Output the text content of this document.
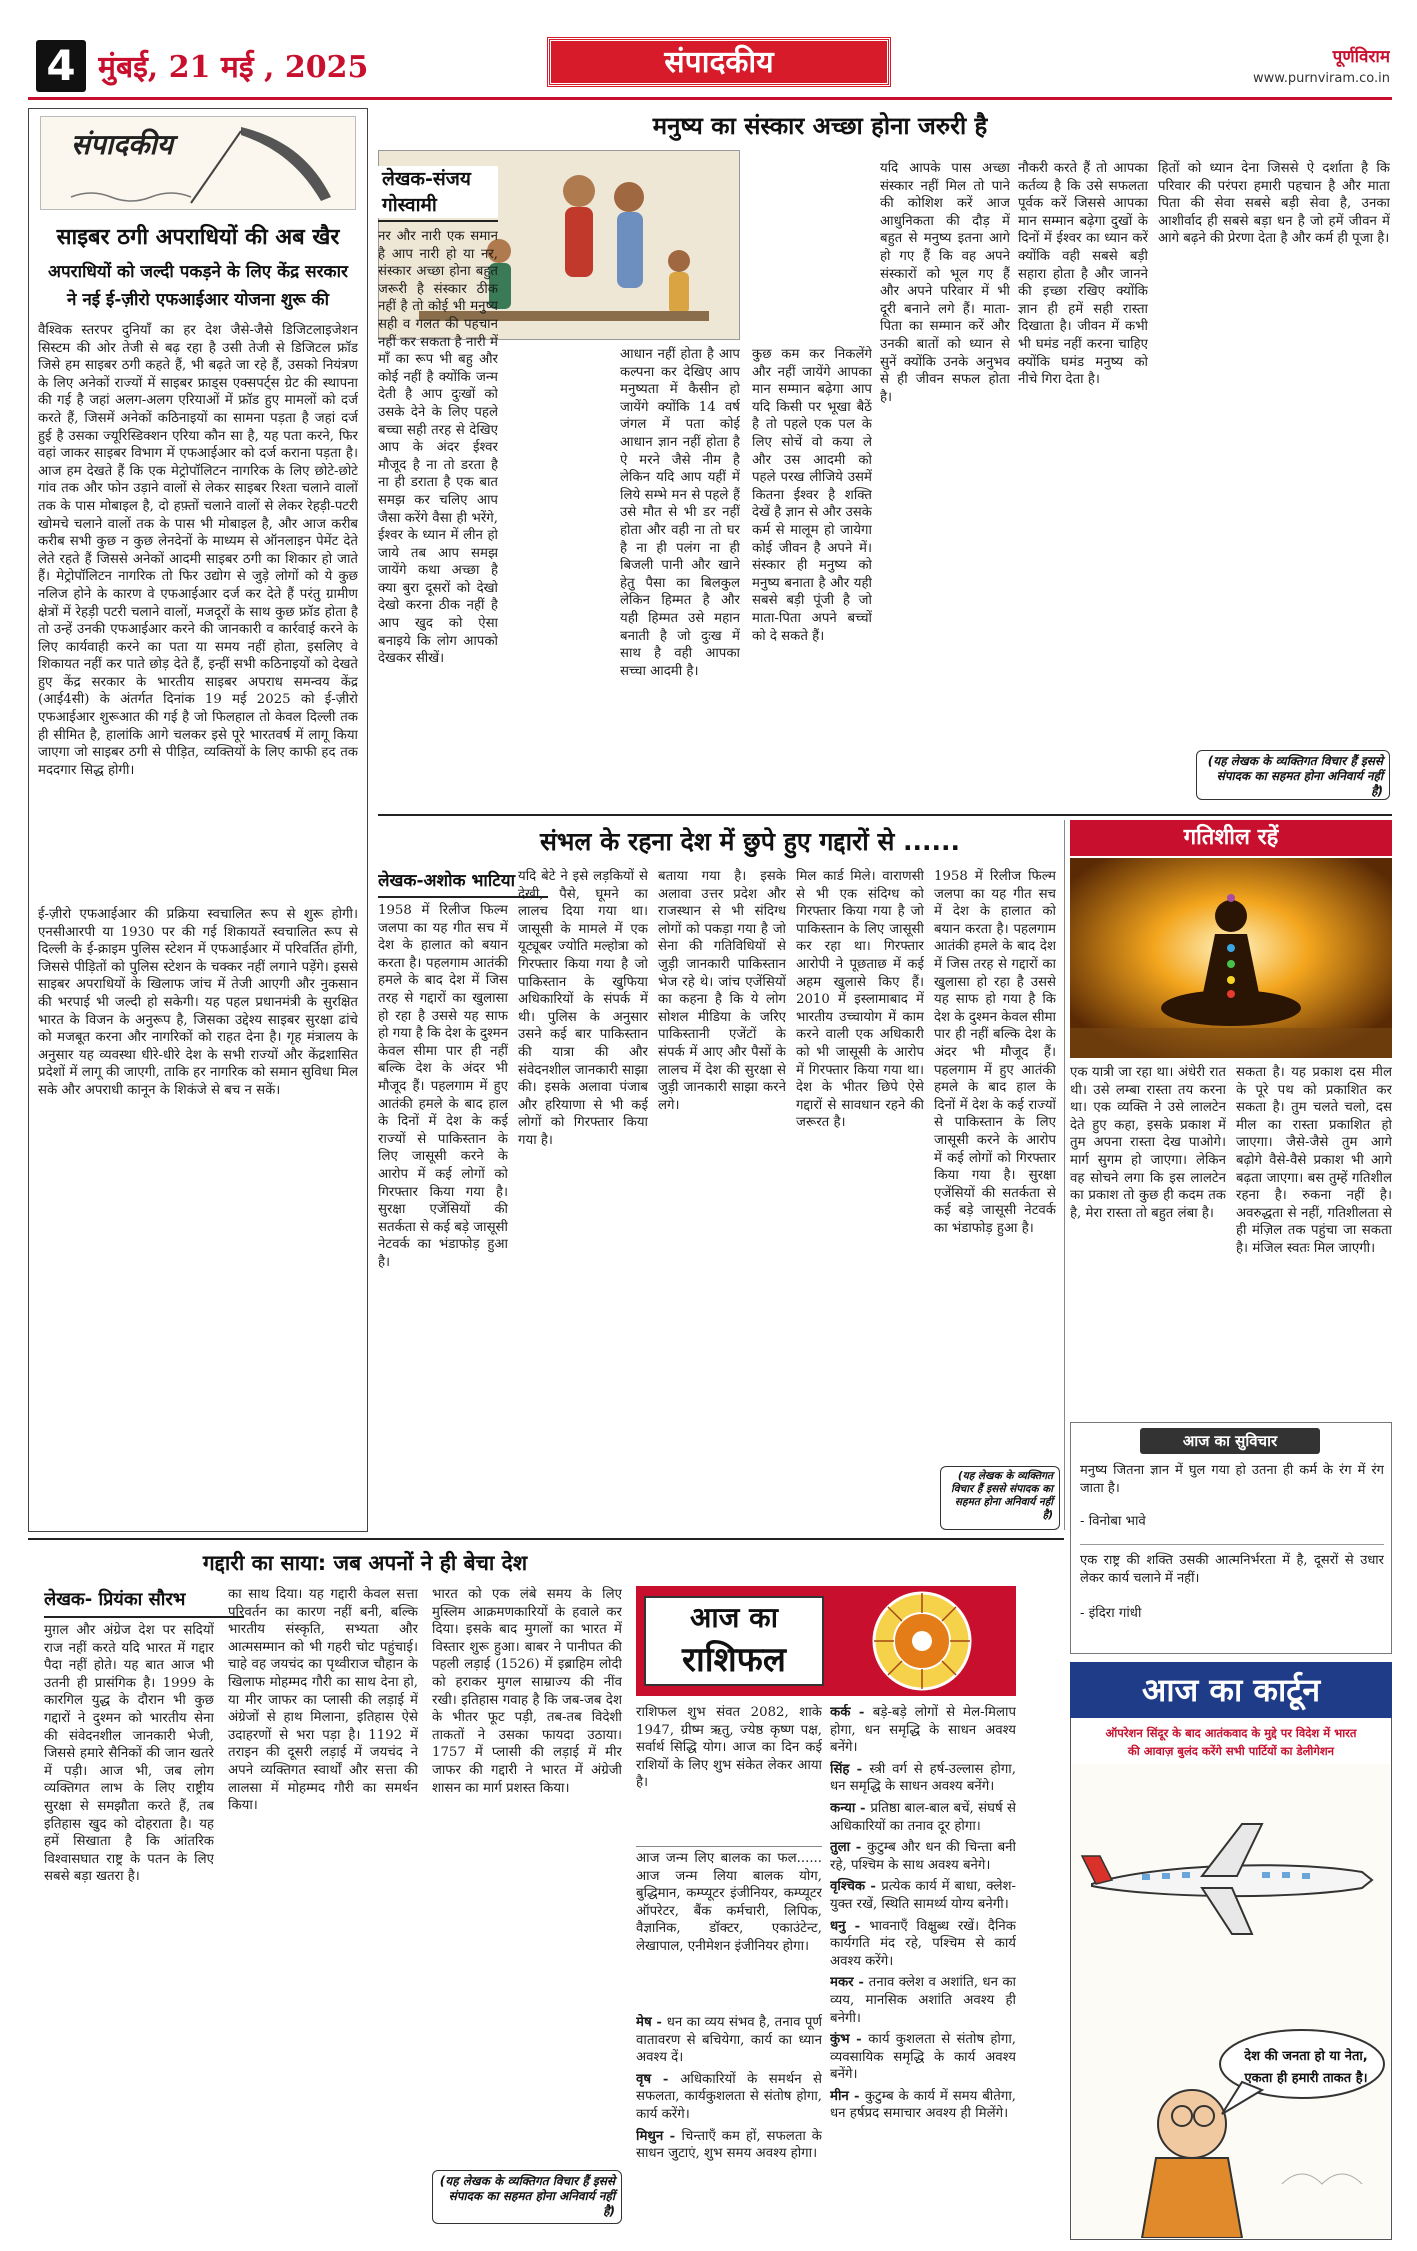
4 मुंबई, 21 मई , 2025	संपादकीय	पूर्णविराम
www.purnviram.co.in
संपादकीय
साइबर ठगी अपराधियों की अब खैर
अपराधियों को जल्दी पकड़ने के लिए केंद्र सरकार
ने नई ई-ज़ीरो एफआईआर योजना शुरू की
वैश्विक स्तरपर दुनियाँ का हर देश जैसे-जैसे डिजिटलाइजेशन सिस्टम की ओर तेजी से बढ़ रहा है उसी तेजी से डिजिटल फ्रॉड जिसे हम साइबर ठगी कहते हैं, भी बढ़ते जा रहे हैं, उसको नियंत्रण के लिए अनेकों राज्यों में साइबर फ्राड्स एक्सपर्ट्स ग्रेट की स्थापना की गई है जहां अलग-अलग एरियाओं में फ्रॉड हुए मामलों को दर्ज करते हैं, जिसमें अनेकों कठिनाइयों का सामना पड़ता है जहां दर्ज हुई है उसका ज्यूरिस्डिक्शन एरिया कौन सा है, यह पता करने, फिर वहां जाकर साइबर विभाग में एफआईआर को दर्ज कराना पड़ता है। आज हम देखते हैं कि एक मेट्रोपॉलिटन नागरिक के लिए छोटे-छोटे गांव तक और फोन उड़ाने वालों से लेकर साइबर रिश्ता चलाने वालों तक के पास मोबाइल है, दो हफ़्तों चलाने वालों से लेकर रेहड़ी-पटरी खोमचे चलाने वालों तक के पास भी मोबाइल है, और आज करीब करीब सभी कुछ न कुछ लेनदेनों के माध्यम से ऑनलाइन पेमेंट देते लेते रहते हैं जिससे अनेकों आदमी साइबर ठगी का शिकार हो जाते हैं। मेट्रोपॉलिटन नागरिक तो फिर उद्योग से जुड़े लोगों को ये कुछ नलिज होने के कारण वे एफआईआर दर्ज कर देते हैं परंतु ग्रामीण क्षेत्रों में रेहड़ी पटरी चलाने वालों, मजदूरों के साथ कुछ फ्रॉड होता है तो उन्हें उनकी एफआईआर करने की जानकारी व कार्रवाई करने के लिए कार्यवाही करने का पता या समय नहीं होता, इसलिए वे शिकायत नहीं कर पाते छोड़ देते हैं, इन्हीं सभी कठिनाइयों को देखते हुए केंद्र सरकार के भारतीय साइबर अपराध समन्वय केंद्र (आई4सी) के अंतर्गत दिनांक 19 मई 2025 को ई-ज़ीरो एफआईआर शुरूआत की गई है जो फिलहाल तो केवल दिल्ली तक ही सीमित है, हालांकि आगे चलकर इसे पूरे भारतवर्ष में लागू किया जाएगा जो साइबर ठगी से पीड़ित, व्यक्तियों के लिए काफी हद तक मददगार सिद्ध होगी।
ई-ज़ीरो एफआईआर की प्रक्रिया स्वचालित रूप से शुरू होगी। एनसीआरपी या 1930 पर की गई शिकायतें स्वचालित रूप से दिल्ली के ई-क्राइम पुलिस स्टेशन में एफआईआर में परिवर्तित होंगी, जिससे पीड़ितों को पुलिस स्टेशन के चक्कर नहीं लगाने पड़ेंगे। इससे साइबर अपराधियों के खिलाफ जांच में तेजी आएगी और नुकसान की भरपाई भी जल्दी हो सकेगी। यह पहल प्रधानमंत्री के सुरक्षित भारत के विजन के अनुरूप है, जिसका उद्देश्य साइबर सुरक्षा ढांचे को मजबूत करना और नागरिकों को राहत देना है। गृह मंत्रालय के अनुसार यह व्यवस्था धीरे-धीरे देश के सभी राज्यों और केंद्रशासित प्रदेशों में लागू की जाएगी, ताकि हर नागरिक को समान सुविधा मिल सके और अपराधी कानून के शिकंजे से बच न सकें।
मनुष्य का संस्कार अच्छा होना जरुरी है
लेखक-संजय
गोस्वामी
नर और नारी एक समान है आप नारी हो या नर, संस्कार अच्छा होना बहुत जरूरी है संस्कार ठीक नहीं है तो कोई भी मनुष्य सही व गलत की पहचान नहीं कर सकता है नारी में माँ का रूप भी बहु और कोई नहीं है क्योंकि जन्म देती है आप दुःखों को उसके देने के लिए पहले बच्चा सही तरह से देखिए आप के अंदर ईश्वर मौजूद है ना तो डरता है ना ही डराता है एक बात समझ कर चलिए आप जैसा करेंगे वैसा ही भरेंगे, ईश्वर के ध्यान में लीन हो जाये तब आप समझ जायेंगे कथा अच्छा है क्या बुरा दूसरों को देखो देखो करना ठीक नहीं है आप खुद को ऐसा बनाइये कि लोग आपको देखकर सीखें।
आधान नहीं होता है आप कल्पना कर देखिए आप मनुष्यता में कैसीन हो जायेंगे क्योंकि 14 वर्ष जंगल में पता कोई आधान ज्ञान नहीं होता है ऐ मरने जैसे नीम है लेकिन यदि आप यहीं में लिये सम्भे मन से पहले हैं उसे मौत से भी डर नहीं होता और वही ना तो घर है ना ही पलंग ना ही बिजली पानी और खाने हेतु पैसा का बिलकुल लेकिन हिम्मत है और यही हिम्मत उसे महान बनाती है जो दुःख में साथ है वही आपका सच्चा आदमी है।
कुछ कम कर निकलेंगे और नहीं जायेंगे आपका मान सम्मान बढ़ेगा आप यदि किसी पर भूखा बैठें है तो पहले एक पल के लिए सोचें वो कया ले और उस आदमी को पहले परख लीजिये उसमें कितना ईश्वर है शक्ति देखें है ज्ञान से और उसके कर्म से मालूम हो जायेगा कोई जीवन है अपने में। संस्कार ही मनुष्य को मनुष्य बनाता है और यही सबसे बड़ी पूंजी है जो माता-पिता अपने बच्चों को दे सकते हैं।
यदि आपके पास अच्छा संस्कार नहीं मिल तो पाने की कोशिश करें आज आधुनिकता की दौड़ में बहुत से मनुष्य इतना आगे हो गए हैं कि वह अपने संस्कारों को भूल गए हैं और अपने परिवार में भी दूरी बनाने लगे हैं। माता-पिता का सम्मान करें और उनकी बातों को ध्यान से सुनें क्योंकि उनके अनुभव से ही जीवन सफल होता है।
नौकरी करते हैं तो आपका कर्तव्य है कि उसे सफलता पूर्वक करें जिससे आपका मान सम्मान बढ़ेगा दुखों के दिनों में ईश्वर का ध्यान करें क्योंकि वही सबसे बड़ी सहारा होता है और जानने की इच्छा रखिए क्योंकि ज्ञान ही हमें सही रास्ता दिखाता है। जीवन में कभी भी घमंड नहीं करना चाहिए क्योंकि घमंड मनुष्य को नीचे गिरा देता है।
हितों को ध्यान देना जिससे ऐ दर्शाता है कि परिवार की परंपरा हमारी पहचान है और माता पिता की सेवा सबसे बड़ी सेवा है, उनका आशीर्वाद ही सबसे बड़ा धन है जो हमें जीवन में आगे बढ़ने की प्रेरणा देता है और कर्म ही पूजा है।
(यह लेखक के व्यक्तिगत विचार हैं इससे संपादक का सहमत होना अनिवार्य नहीं है)
संभल के रहना देश में छुपे हुए गद्दारों से ......
लेखक-अशोक भाटिया
1958 में रिलीज फिल्म जलपा का यह गीत सच में देश के हालात को बयान करता है। पहलगाम आतंकी हमले के बाद देश में जिस तरह से गद्दारों का खुलासा हो रहा है उससे यह साफ हो गया है कि देश के दुश्मन केवल सीमा पार ही नहीं बल्कि देश के अंदर भी मौजूद हैं। पहलगाम में हुए आतंकी हमले के बाद हाल के दिनों में देश के कई राज्यों से पाकिस्तान के लिए जासूसी करने के आरोप में कई लोगों को गिरफ्तार किया गया है। सुरक्षा एजेंसियों की सतर्कता से कई बड़े जासूसी नेटवर्क का भंडाफोड़ हुआ है।
यदि बेटे ने इसे लड़कियों से देखी, पैसे, घूमने का लालच दिया गया था। जासूसी के मामले में एक यूट्यूबर ज्योति मल्होत्रा को गिरफ्तार किया गया है जो पाकिस्तान के खुफिया अधिकारियों के संपर्क में थी। पुलिस के अनुसार उसने कई बार पाकिस्तान की यात्रा की और संवेदनशील जानकारी साझा की। इसके अलावा पंजाब और हरियाणा से भी कई लोगों को गिरफ्तार किया गया है।
बताया गया है। इसके अलावा उत्तर प्रदेश और राजस्थान से भी संदिग्ध लोगों को पकड़ा गया है जो सेना की गतिविधियों से जुड़ी जानकारी पाकिस्तान भेज रहे थे। जांच एजेंसियों का कहना है कि ये लोग सोशल मीडिया के जरिए पाकिस्तानी एजेंटों के संपर्क में आए और पैसों के लालच में देश की सुरक्षा से जुड़ी जानकारी साझा करने लगे।
मिल कार्ड मिले। वाराणसी से भी एक संदिग्ध को गिरफ्तार किया गया है जो पाकिस्तान के लिए जासूसी कर रहा था। गिरफ्तार आरोपी ने पूछताछ में कई अहम खुलासे किए हैं। 2010 में इस्लामाबाद में भारतीय उच्चायोग में काम करने वाली एक अधिकारी को भी जासूसी के आरोप में गिरफ्तार किया गया था। देश के भीतर छिपे ऐसे गद्दारों से सावधान रहने की जरूरत है।
1958 में रिलीज फिल्म जलपा का यह गीत सच में देश के हालात को बयान करता है। पहलगाम आतंकी हमले के बाद देश में जिस तरह से गद्दारों का खुलासा हो रहा है उससे यह साफ हो गया है कि देश के दुश्मन केवल सीमा पार ही नहीं बल्कि देश के अंदर भी मौजूद हैं। पहलगाम में हुए आतंकी हमले के बाद हाल के दिनों में देश के कई राज्यों से पाकिस्तान के लिए जासूसी करने के आरोप में कई लोगों को गिरफ्तार किया गया है। सुरक्षा एजेंसियों की सतर्कता से कई बड़े जासूसी नेटवर्क का भंडाफोड़ हुआ है।
(यह लेखक के व्यक्तिगत विचार हैं इससे संपादक का सहमत होना अनिवार्य नहीं है)
गतिशील रहें
एक यात्री जा रहा था। अंधेरी रात थी। उसे लम्बा रास्ता तय करना था। एक व्यक्ति ने उसे लालटेन देते हुए कहा, इसके प्रकाश में तुम अपना रास्ता देख पाओगे। मार्ग सुगम हो जाएगा। लेकिन वह सोचने लगा कि इस लालटेन का प्रकाश तो कुछ ही कदम तक है, मेरा रास्ता तो बहुत लंबा है।
सकता है। यह प्रकाश दस मील के पूरे पथ को प्रकाशित कर सकता है। तुम चलते चलो, दस मील का रास्ता प्रकाशित हो जाएगा। जैसे-जैसे तुम आगे बढ़ोगे वैसे-वैसे प्रकाश भी आगे बढ़ता जाएगा। बस तुम्हें गतिशील रहना है। रुकना नहीं है। अवरुद्धता से नहीं, गतिशीलता से ही मंज़िल तक पहुंचा जा सकता है। मंजिल स्वतः मिल जाएगी।
आज का सुविचार
मनुष्य जितना ज्ञान में घुल गया हो उतना ही कर्म के रंग में रंग जाता है।
- विनोबा भावे
एक राष्ट्र की शक्ति उसकी आत्मनिर्भरता में है, दूसरों से उधार लेकर कार्य चलाने में नहीं।
- इंदिरा गांधी
गद्दारी का साया: जब अपनों ने ही बेचा देश
लेखक- प्रियंका सौरभ
मुग़ल और अंग्रेज देश पर सदियों राज नहीं करते यदि भारत में गद्दार पैदा नहीं होते। यह बात आज भी उतनी ही प्रासंगिक है। 1999 के कारगिल युद्ध के दौरान भी कुछ गद्दारों ने दुश्मन को भारतीय सेना की संवेदनशील जानकारी भेजी, जिससे हमारे सैनिकों की जान खतरे में पड़ी। आज भी, जब लोग व्यक्तिगत लाभ के लिए राष्ट्रीय सुरक्षा से समझौता करते हैं, तब इतिहास खुद को दोहराता है। यह हमें सिखाता है कि आंतरिक विश्वासघात राष्ट्र के पतन के लिए सबसे बड़ा खतरा है।
का साथ दिया। यह गद्दारी केवल सत्ता परिवर्तन का कारण नहीं बनी, बल्कि भारतीय संस्कृति, सभ्यता और आत्मसम्मान को भी गहरी चोट पहुंचाई। चाहे वह जयचंद का पृथ्वीराज चौहान के खिलाफ मोहम्मद गौरी का साथ देना हो, या मीर जाफर का प्लासी की लड़ाई में अंग्रेजों से हाथ मिलाना, इतिहास ऐसे उदाहरणों से भरा पड़ा है। 1192 में तराइन की दूसरी लड़ाई में जयचंद ने अपने व्यक्तिगत स्वार्थों और सत्ता की लालसा में मोहम्मद गौरी का समर्थन किया।
भारत को एक लंबे समय के लिए मुस्लिम आक्रमणकारियों के हवाले कर दिया। इसके बाद मुगलों का भारत में विस्तार शुरू हुआ। बाबर ने पानीपत की पहली लड़ाई (1526) में इब्राहिम लोदी को हराकर मुगल साम्राज्य की नींव रखी। इतिहास गवाह है कि जब-जब देश के भीतर फूट पड़ी, तब-तब विदेशी ताकतों ने उसका फायदा उठाया। 1757 में प्लासी की लड़ाई में मीर जाफर की गद्दारी ने भारत में अंग्रेजी शासन का मार्ग प्रशस्त किया।
(यह लेखक के व्यक्तिगत विचार हैं इससे संपादक का सहमत होना अनिवार्य नहीं है)
आज का
राशिफल
राशिफल शुभ संवत 2082, शाके 1947, ग्रीष्म ऋतु, ज्येष्ठ कृष्ण पक्ष, सर्वार्थ सिद्धि योग। आज का दिन कई राशियों के लिए शुभ संकेत लेकर आया है।
आज जन्म लिए बालक का फल...... आज जन्म लिया बालक योग, बुद्धिमान, कम्प्यूटर इंजीनियर, कम्प्यूटर ऑपरेटर, बैंक कर्मचारी, लिपिक, वैज्ञानिक, डॉक्टर, एकाउंटेन्ट, लेखापाल, एनीमेशन इंजीनियर होगा।
मेष - धन का व्यय संभव है, तनाव पूर्ण वातावरण से बचियेगा, कार्य का ध्यान अवश्य दें।
वृष - अधिकारियों के समर्थन से सफलता, कार्यकुशलता से संतोष होगा, कार्य करेंगे।
मिथुन - चिन्ताएँ कम हों, सफलता के साधन जुटाएं, शुभ समय अवश्य होगा।
कर्क - बड़े-बड़े लोगों से मेल-मिलाप होगा, धन समृद्धि के साधन अवश्य बनेंगे।
सिंह - स्त्री वर्ग से हर्ष-उल्लास होगा, धन समृद्धि के साधन अवश्य बनेंगे।
कन्या - प्रतिष्ठा बाल-बाल बचें, संघर्ष से अधिकारियों का तनाव दूर होगा।
तुला - कुटुम्ब और धन की चिन्ता बनी रहे, पश्चिम के साथ अवश्य बनेगे।
वृश्चिक - प्रत्येक कार्य में बाधा, क्लेश-युक्त रखें, स्थिति सामर्थ्य योग्य बनेगी।
धनु - भावनाएँ विक्षुब्ध रखें। दैनिक कार्यगति मंद रहे, पश्चिम से कार्य अवश्य करेंगे।
मकर - तनाव क्लेश व अशांति, धन का व्यय, मानसिक अशांति अवश्य ही बनेगी।
कुंभ - कार्य कुशलता से संतोष होगा, व्यवसायिक समृद्धि के कार्य अवश्य बनेंगे।
मीन - कुटुम्ब के कार्य में समय बीतेगा, धन हर्षप्रद समाचार अवश्य ही मिलेंगे।
आज का कार्टून
ऑपरेशन सिंदूर के बाद आतंकवाद के मुद्दे पर विदेश में भारत
की आवाज़ बुलंद करेंगे सभी पार्टियों का डेलीगेशन
देश की जनता हो या नेता,
एकता ही हमारी ताकत है।
